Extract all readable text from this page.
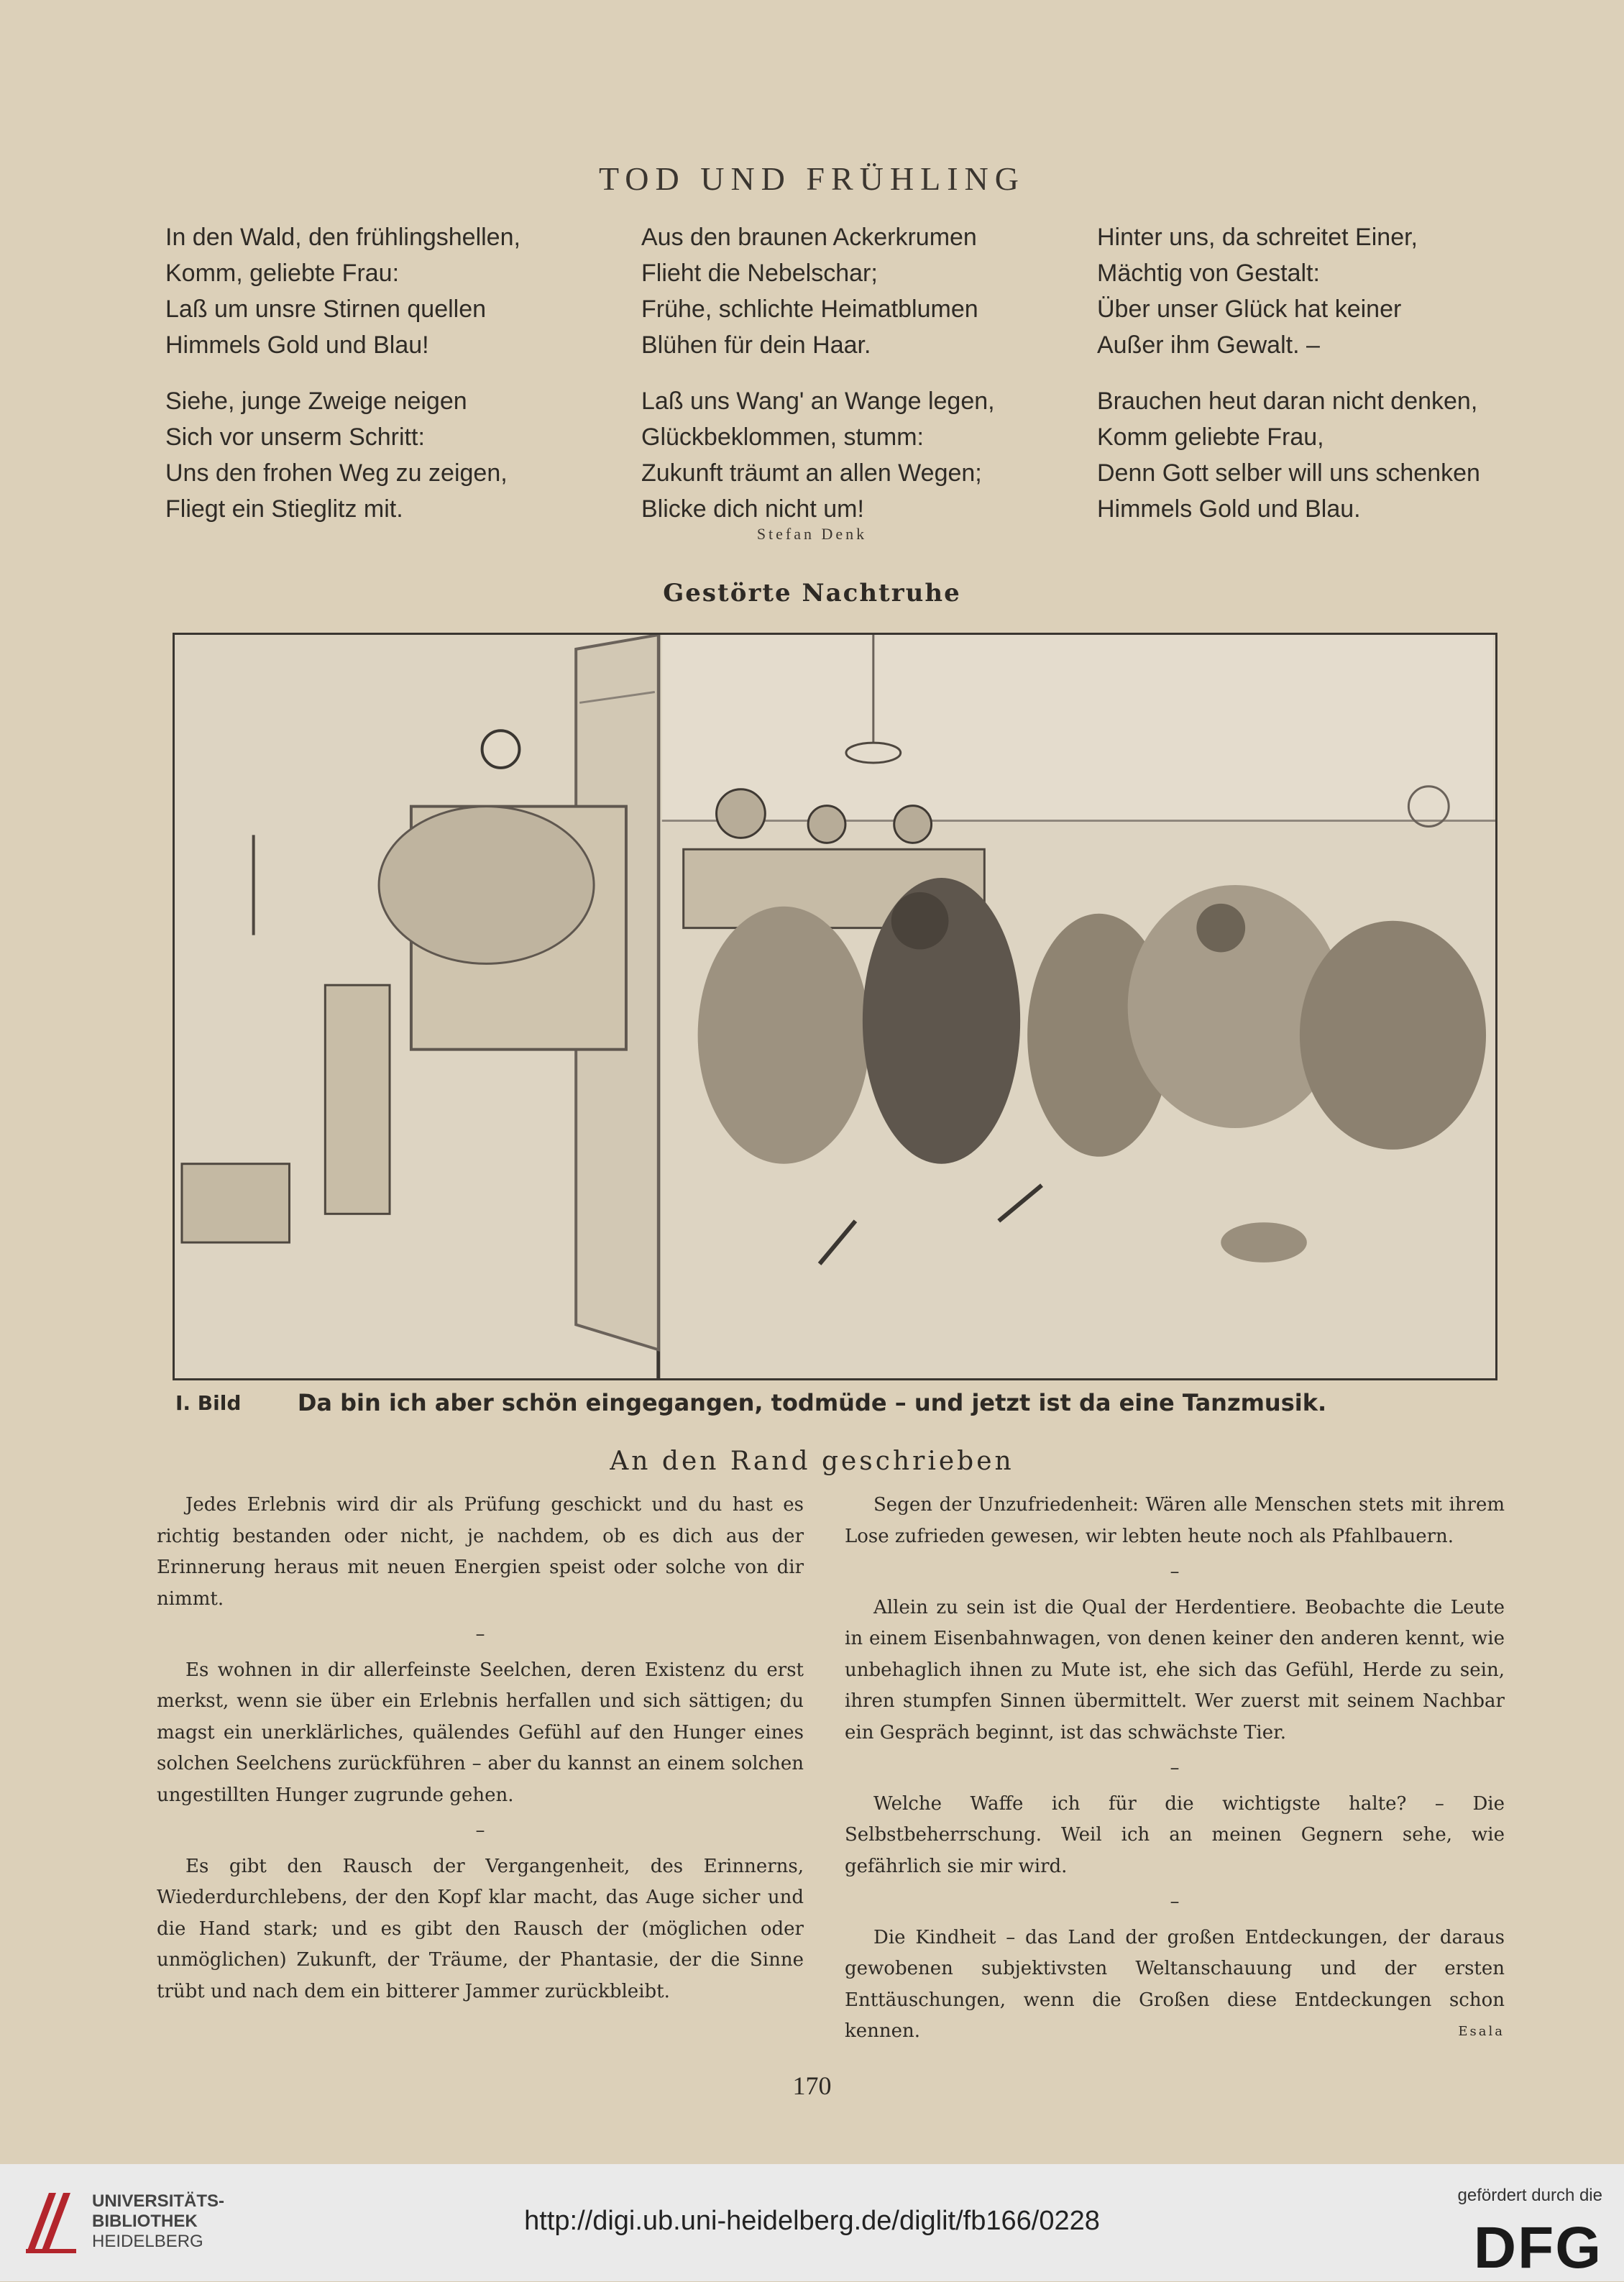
TOD UND FRÜHLING
In den Wald, den frühlingshellen,
Komm, geliebte Frau:
Laß um unsre Stirnen quellen
Himmels Gold und Blau!
Siehe, junge Zweige neigen
Sich vor unserm Schritt:
Uns den frohen Weg zu zeigen,
Fliegt ein Stieglitz mit.
Aus den braunen Ackerkrumen
Flieht die Nebelschar;
Frühe, schlichte Heimatblumen
Blühen für dein Haar.
Laß uns Wang' an Wange legen,
Glückbeklommen, stumm:
Zukunft träumt an allen Wegen;
Blicke dich nicht um!
Hinter uns, da schreitet Einer,
Mächtig von Gestalt:
Über unser Glück hat keiner
Außer ihm Gewalt. –
Brauchen heut daran nicht denken,
Komm geliebte Frau,
Denn Gott selber will uns schenken
Himmels Gold und Blau.
Stefan Denk
Gestörte Nachtruhe
I. Bild	Da bin ich aber schön eingegangen, todmüde – und jetzt ist da eine Tanzmusik.
An den Rand geschrieben

Jedes Erlebnis wird dir als Prüfung geschickt und du hast es richtig bestanden oder nicht, je nachdem, ob es dich aus der Erinnerung heraus mit neuen Energien speist oder solche von dir nimmt.

–

Es wohnen in dir allerfeinste Seelchen, deren Existenz du erst merkst, wenn sie über ein Erlebnis herfallen und sich sättigen; du magst ein unerklärliches, quälendes Gefühl auf den Hunger eines solchen Seelchens zurückführen – aber du kannst an einem solchen ungestillten Hunger zugrunde gehen.

–

Es gibt den Rausch der Vergangenheit, des Erinnerns, Wiederdurchlebens, der den Kopf klar macht, das Auge sicher und die Hand stark; und es gibt den Rausch der (möglichen oder unmöglichen) Zukunft, der Träume, der Phantasie, der die Sinne trübt und nach dem ein bitterer Jammer zurückbleibt.

Segen der Unzufriedenheit: Wären alle Menschen stets mit ihrem Lose zufrieden gewesen, wir lebten heute noch als Pfahlbauern.

–

Allein zu sein ist die Qual der Herdentiere. Beobachte die Leute in einem Eisenbahnwagen, von denen keiner den anderen kennt, wie unbehaglich ihnen zu Mute ist, ehe sich das Gefühl, Herde zu sein, ihren stumpfen Sinnen übermittelt. Wer zuerst mit seinem Nachbar ein Gespräch beginnt, ist das schwächste Tier.

–

Welche Waffe ich für die wichtigste halte? – Die Selbstbeherrschung. Weil ich an meinen Gegnern sehe, wie gefährlich sie mir wird.

–

Die Kindheit – das Land der großen Entdeckungen, der daraus gewobenen subjektivsten Weltanschauung und der ersten Enttäuschungen, wenn die Großen diese Entdeckungen schon kennen.	Esala

170
UNIVERSITÄTS-
BIBLIOTHEK
HEIDELBERG
http://digi.ub.uni-heidelberg.de/diglit/fb166/0228
gefördert durch die
DFG
